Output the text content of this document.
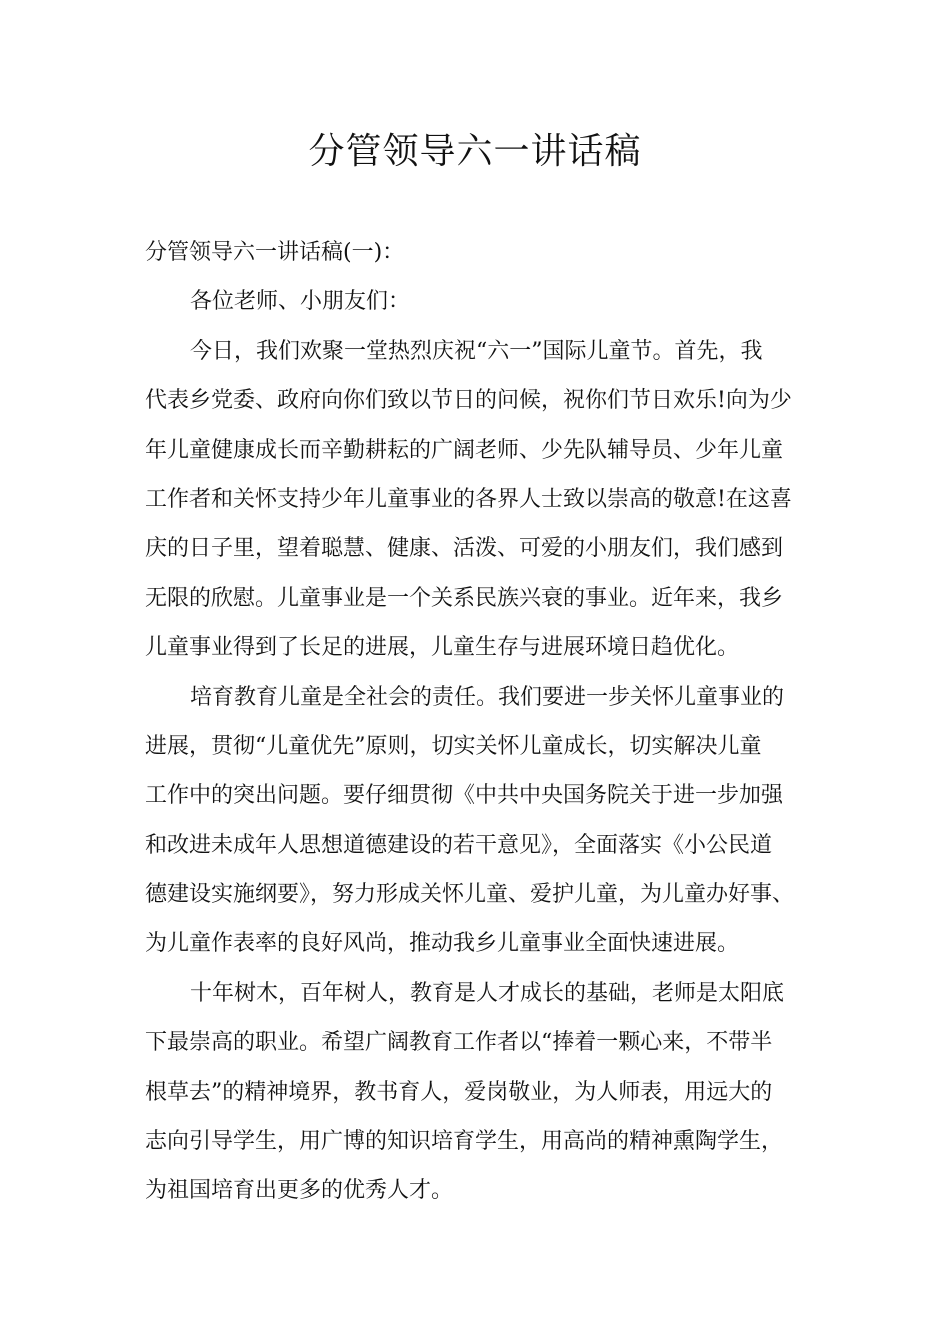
分管领导六一讲话稿
分管领导六一讲话稿(一)：
各位老师、小朋友们：
今日，我们欢聚一堂热烈庆祝“六一”国际儿童节。首先，我
代表乡党委、政府向你们致以节日的问候，祝你们节日欢乐!向为少
年儿童健康成长而辛勤耕耘的广阔老师、少先队辅导员、少年儿童
工作者和关怀支持少年儿童事业的各界人士致以崇高的敬意!在这喜
庆的日子里，望着聪慧、健康、活泼、可爱的小朋友们，我们感到
无限的欣慰。儿童事业是一个关系民族兴衰的事业。近年来，我乡
儿童事业得到了长足的进展，儿童生存与进展环境日趋优化。
培育教育儿童是全社会的责任。我们要进一步关怀儿童事业的
进展，贯彻“儿童优先”原则，切实关怀儿童成长，切实解决儿童
工作中的突出问题。要仔细贯彻《中共中央国务院关于进一步加强
和改进未成年人思想道德建设的若干意见》，全面落实《小公民道
德建设实施纲要》，努力形成关怀儿童、爱护儿童，为儿童办好事、
为儿童作表率的良好风尚，推动我乡儿童事业全面快速进展。
十年树木，百年树人，教育是人才成长的基础，老师是太阳底
下最崇高的职业。希望广阔教育工作者以“捧着一颗心来，不带半
根草去”的精神境界，教书育人，爱岗敬业，为人师表，用远大的
志向引导学生，用广博的知识培育学生，用高尚的精神熏陶学生，
为祖国培育出更多的优秀人才。
